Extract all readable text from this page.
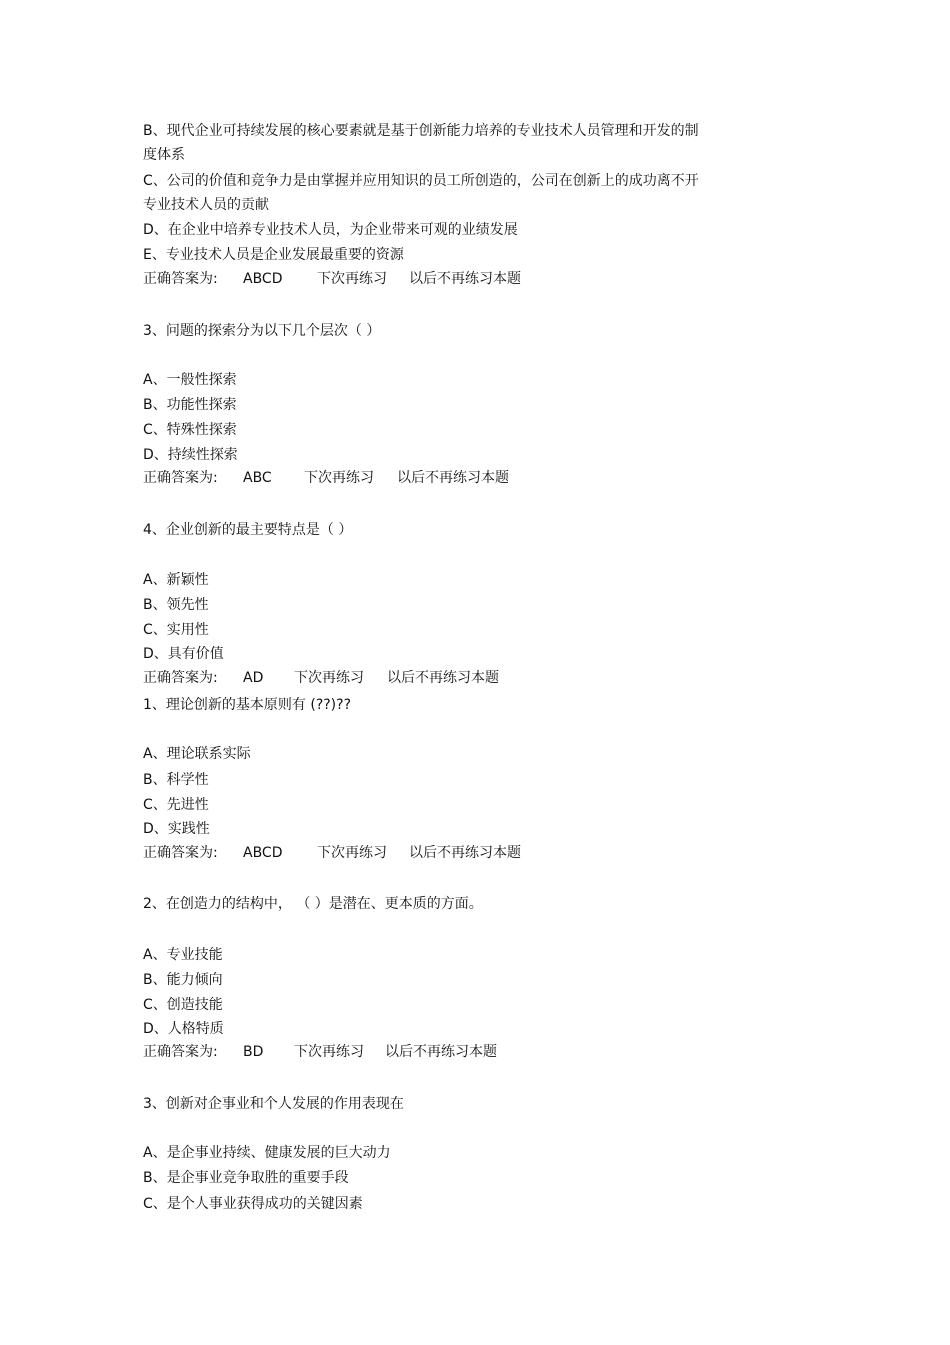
B、现代企业可持续发展的核心要素就是基于创新能力培养的专业技术人员管理和开发的制
度体系
C、公司的价值和竞争力是由掌握并应用知识的员工所创造的，公司在创新上的成功离不开
专业技术人员的贡献
D、在企业中培养专业技术人员，为企业带来可观的业绩发展
E、专业技术人员是企业发展最重要的资源
正确答案为: ABCD 下次再练习 以后不再练习本题
3、问题的探索分为以下几个层次（ ）
A、一般性探索
B、功能性探索
C、特殊性探索
D、持续性探索
正确答案为: ABC 下次再练习 以后不再练习本题
4、企业创新的最主要特点是（ ）
A、新颖性
B、领先性
C、实用性
D、具有价值
正确答案为: AD 下次再练习 以后不再练习本题
1、理论创新的基本原则有 (??)??
A、理论联系实际
B、科学性
C、先进性
D、实践性
正确答案为: ABCD 下次再练习 以后不再练习本题
2、在创造力的结构中， （ ）是潜在、更本质的方面。
A、专业技能
B、能力倾向
C、创造技能
D、人格特质
正确答案为: BD 下次再练习 以后不再练习本题
3、创新对企事业和个人发展的作用表现在
A、是企事业持续、健康发展的巨大动力
B、是企事业竞争取胜的重要手段
C、是个人事业获得成功的关键因素
